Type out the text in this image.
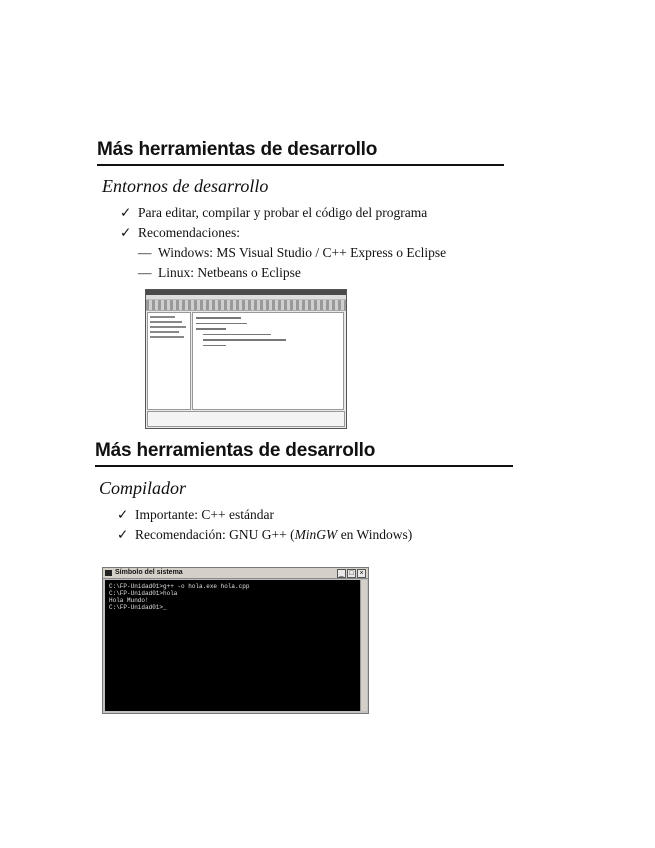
Más herramientas de desarrollo
Entornos de desarrollo
✓ Para editar, compilar y probar el código del programa
✓ Recomendaciones:
— Windows: MS Visual Studio / C++ Express o Eclipse
— Linux: Netbeans o Eclipse
Más herramientas de desarrollo
Compilador
✓ Importante: C++ estándar
✓ Recomendación: GNU G++ (MinGW en Windows)
Símbolo del sistema	_ □ ×
C:\FP-Unidad01>g++ -o hola.exe hola.cpp
C:\FP-Unidad01>hola
Hola Mundo!
C:\FP-Unidad01>_
